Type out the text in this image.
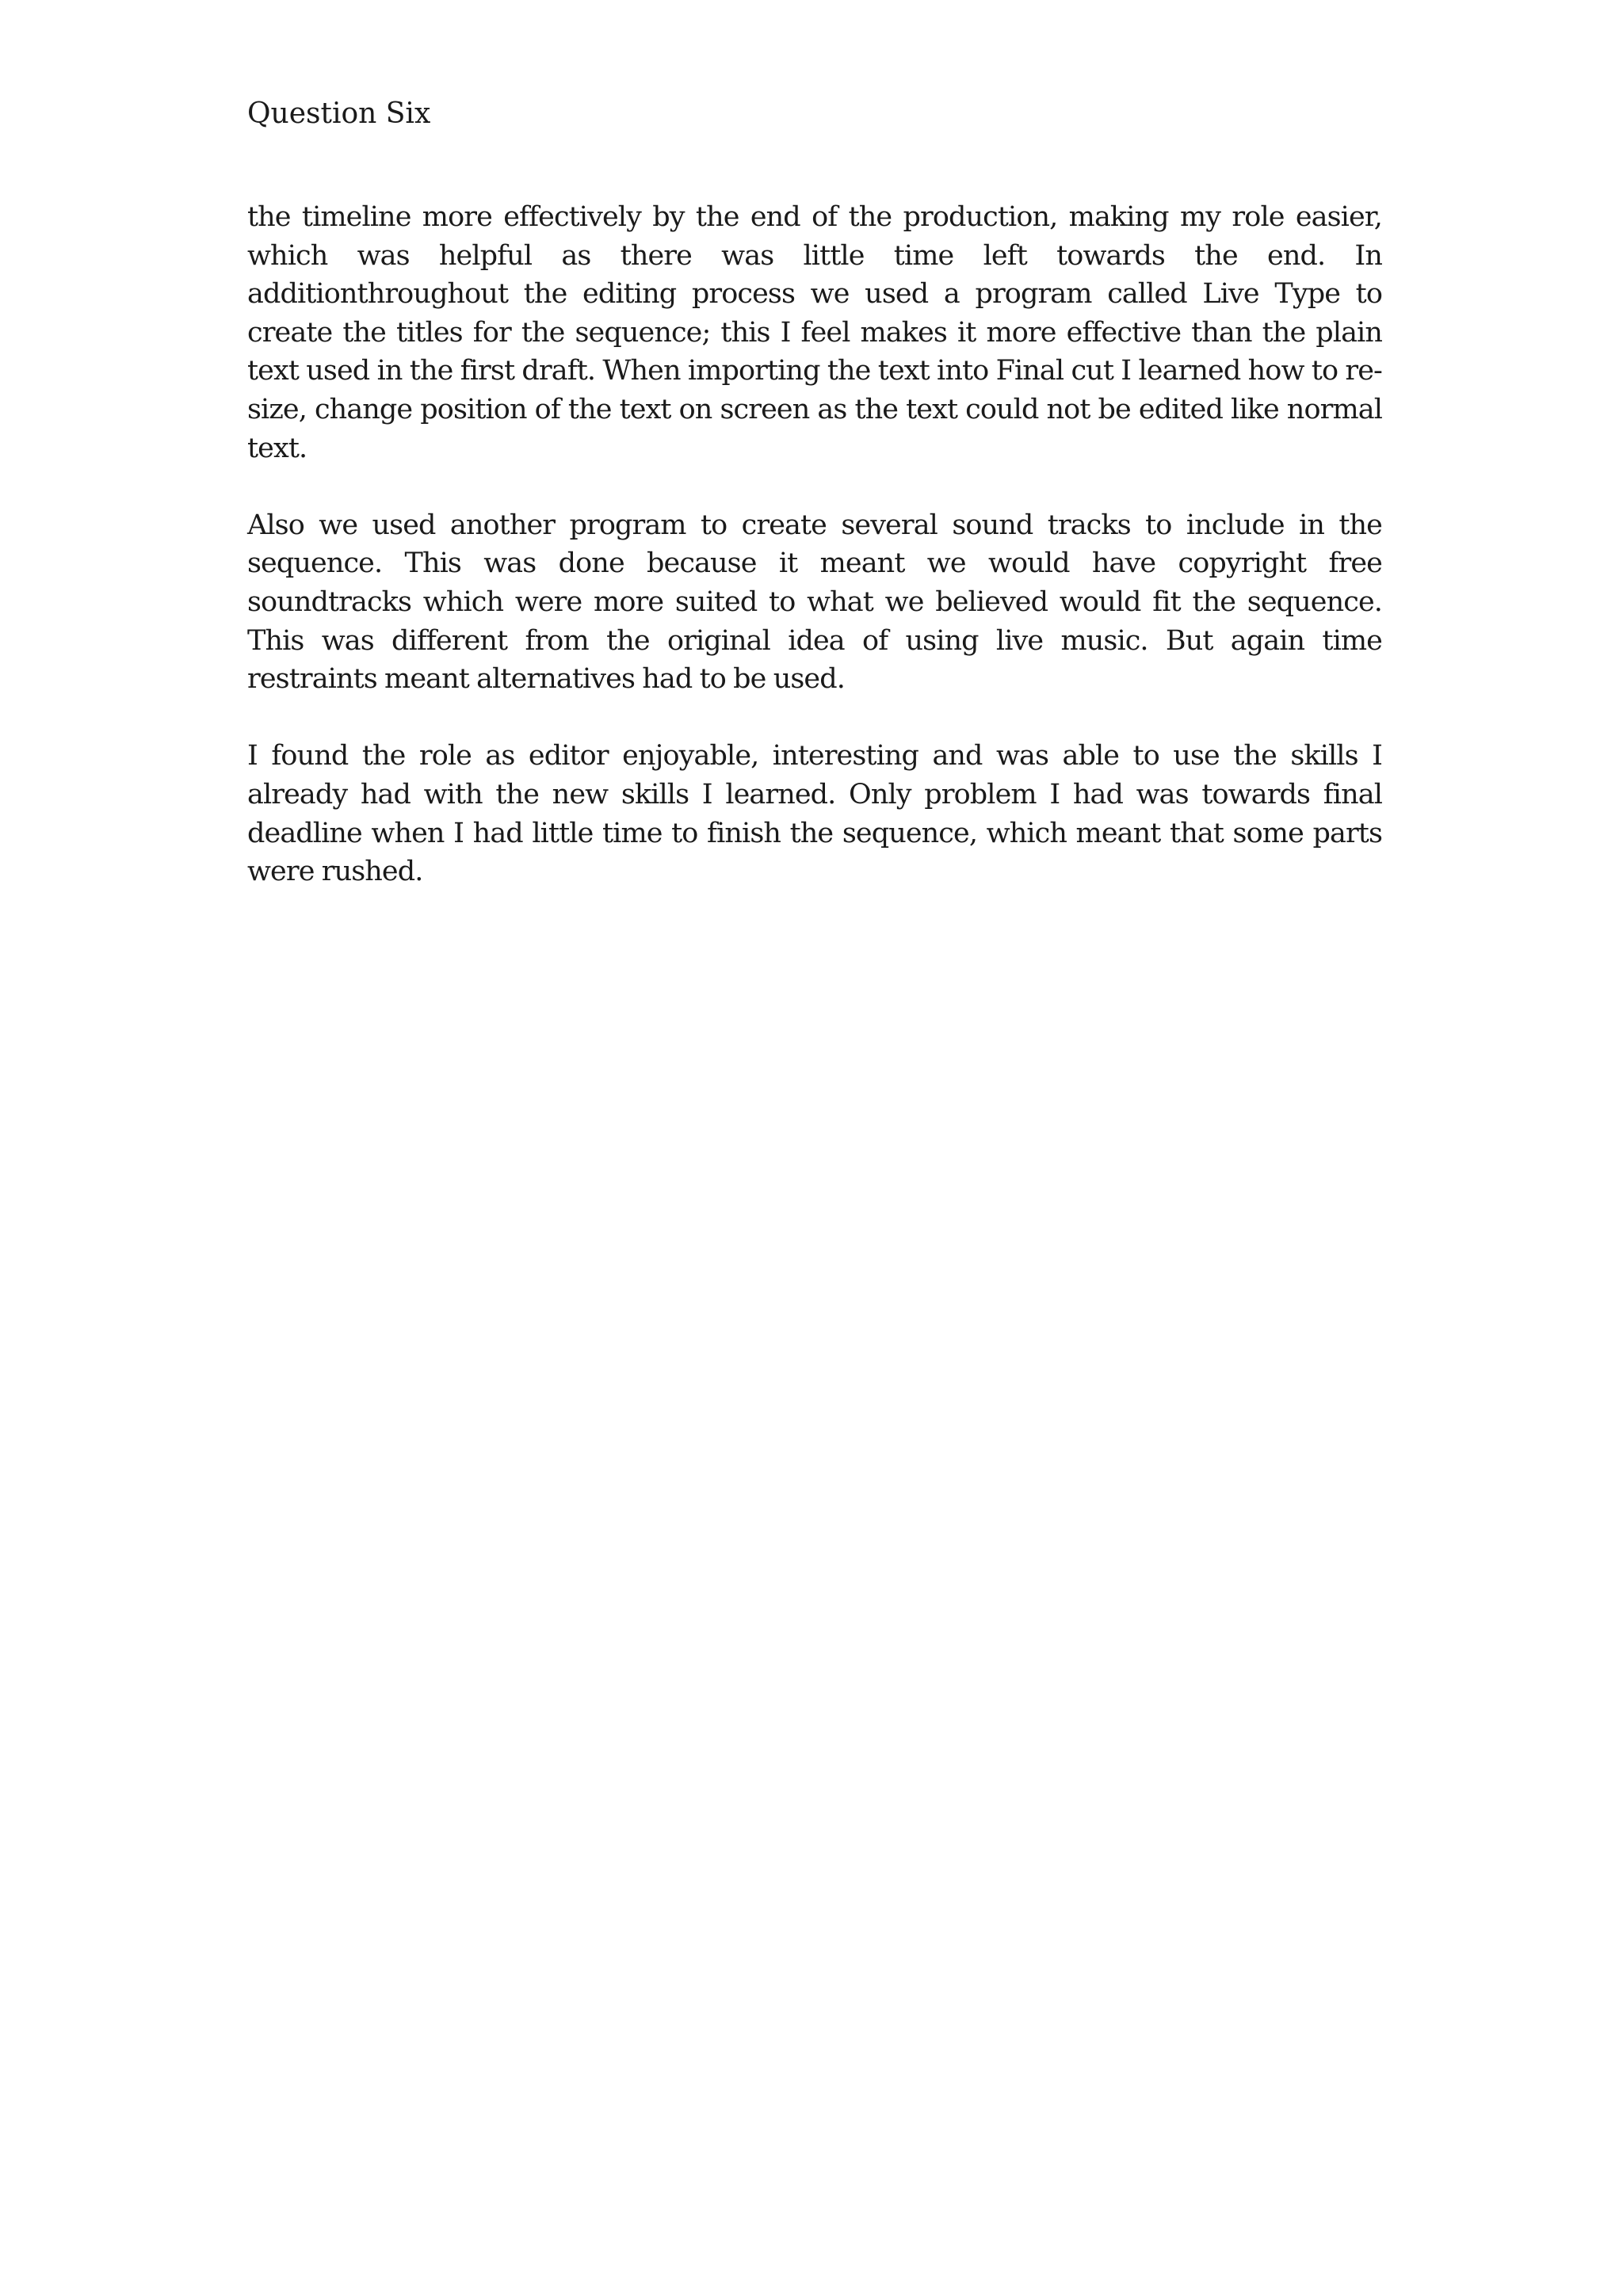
Question Six

the timeline more effectively by the end of the production, making my role easier, which was helpful as there was little time left towards the end. In additionthroughout the editing process we used a program called Live Type to create the titles for the sequence; this I feel makes it more effective than the plain text used in the first draft. When importing the text into Final cut I learned how to re-size, change position of the text on screen as the text could not be edited like normal text.

Also we used another program to create several sound tracks to include in the sequence. This was done because it meant we would have copyright free soundtracks which were more suited to what we believed would fit the sequence. This was different from the original idea of using live music. But again time restraints meant alternatives had to be used.

I found the role as editor enjoyable, interesting and was able to use the skills I already had with the new skills I learned. Only problem I had was towards final deadline when I had little time to finish the sequence, which meant that some parts were rushed.
